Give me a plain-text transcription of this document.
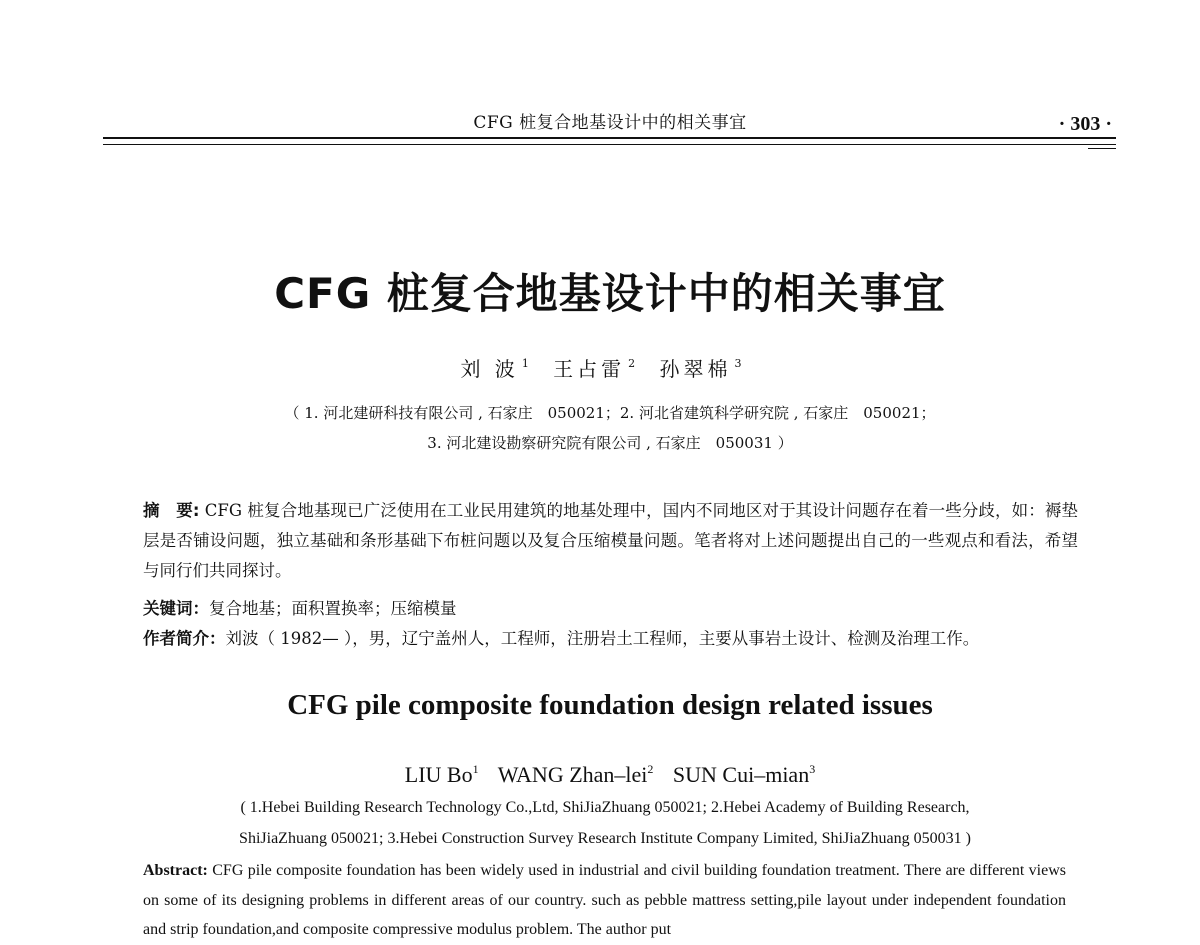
CFG 桩复合地基设计中的相关事宜	· 303 ·
CFG 桩复合地基设计中的相关事宜
刘 波 $^1$ 王占雷 $^2$ 孙翠棉 $^3$
（ 1. 河北建研科技有限公司 , 石家庄　050021；2. 河北省建筑科学研究院 , 石家庄　050021；
3. 河北建设勘察研究院有限公司 , 石家庄　050031 ）
摘　要: CFG 桩复合地基现已广泛使用在工业民用建筑的地基处理中，国内不同地区对于其设计问题存在着一些分歧，如：褥垫层是否铺设问题，独立基础和条形基础下布桩问题以及复合压缩模量问题。笔者将对上述问题提出自己的一些观点和看法，希望与同行们共同探讨。
关键词：复合地基；面积置换率；压缩模量
作者简介：刘波（ 1982— ），男，辽宁盖州人，工程师，注册岩土工程师，主要从事岩土设计、检测及治理工作。
CFG pile composite foundation design related issues
LIU Bo$^1$ WANG Zhan–lei$^2$ SUN Cui–mian$^3$
( 1.Hebei Building Research Technology Co.,Ltd, ShiJiaZhuang 050021; 2.Hebei Academy of Building Research,
ShiJiaZhuang 050021; 3.Hebei Construction Survey Research Institute Company Limited, ShiJiaZhuang 050031 )
Abstract: CFG pile composite foundation has been widely used in industrial and civil building foundation treatment. There are different views on some of its designing problems in different areas of our country. such as pebble mattress setting,pile layout under independent foundation and strip foundation,and composite compressive modulus problem. The author put
